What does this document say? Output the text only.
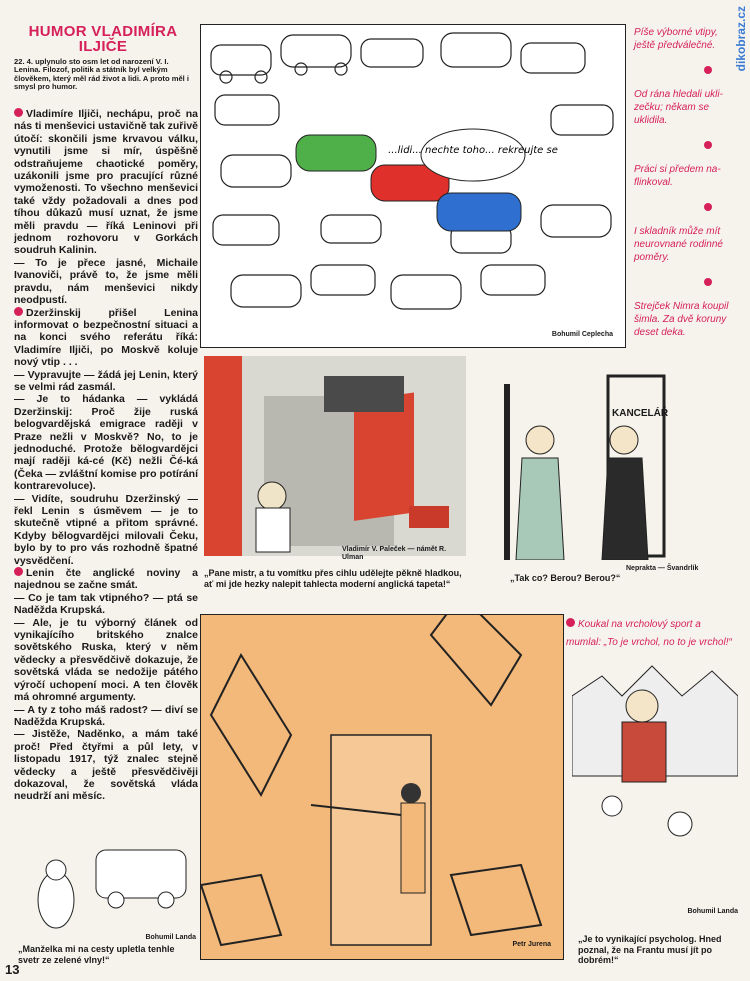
HUMOR VLADIMÍRA
ILJIČE

22. 4. uplynulo sto osm let od narození V. I. Lenina. Filozof, politik a státník byl velkým člověkem, který měl rád život a lidi. A proto měl i smysl pro humor.

Vladimíre Iljiči, nechápu, proč na nás ti menševici ustavičně tak zuřivě útočí: skončili jsme krvavou válku, vynutili jsme si mír, úspěšně odstraňujeme chaotické poměry, uzákonili jsme pro pracující různé vymoženosti. To všechno menševici také vždy požadovali a dnes pod tíhou důkazů musí uznat, že jsme měli pravdu — říká Leninovi při jednom rozhovoru v Gorkách soudruh Kalinin.

— To je přece jasné, Michaile Ivanoviči, právě to, že jsme měli pravdu, nám menševici nikdy neodpustí.

Dzeržinskij přišel Lenina informovat o bezpečnostní situaci a na konci svého referátu říká: Vladimíre Iljiči, po Moskvě koluje nový vtip . . .

— Vypravujte — žádá jej Lenin, který se velmi rád zasmál.

— Je to hádanka — vykládá Dzeržinskij: Proč žije ruská belogvardějská emigrace raději v Praze nežli v Moskvě? No, to je jednoduché. Protože bělogvardějci mají raději ká-cé (Kč) nežli Čé-ká (Čeka — zvláštní komise pro potírání kontrarevoluce).

— Vidíte, soudruhu Dzeržinský — řekl Lenin s úsměvem — je to skutečně vtipné a přitom správné. Kdyby bělogvardějci milovali Čeku, bylo by to pro vás rozhodně špatné vysvědčení.

Lenin čte anglické noviny a najednou se začne smát.

— Co je tam tak vtipného? — ptá se Naděžda Krupská.

— Ale, je tu výborný článek od vynikajícího britského znalce sovětského Ruska, který v něm vědecky a přesvědčivě dokazuje, že sovětská vláda se nedožije pátého výročí uchopení moci. A ten člověk má ohromné argumenty.

— A ty z toho máš radost? — diví se Naděžda Krupská.

— Jistěže, Naděnko, a mám také proč! Před čtyřmi a půl lety, v listopadu 1917, týž znalec stejně vědecky a ještě přesvědčivěji dokazoval, že sovětská vláda neudrží ani měsíc.

...lidi... nechte toho... rekreujte se
Bohumil Ceplecha
Vladimír V. Paleček — námět R. Ulman
„Pane mistr, a tu vomítku přes cihlu udělejte pěkně hladkou, ať mi jde hezky nalepit tahlecta moderní anglická tapeta!“
KANCELÁŘ
Neprakta — Švandrlík
„Tak co? Berou? Berou?“
Petr Jurena
Koukal na vrcholový sport a mumlal: „To je vrchol, no to je vrchol!“
Bohumil Landa
„Je to vynikající psycholog. Hned poznal, že na Frantu musí jít po dobrém!“
Bohumil Landa
„Manželka mi na cesty upletla tenhle svetr ze zelené vlny!“

Píše výborné vtipy, ještě předválečné.

Od rána hledali uklizečku; někam se uklidila.

Práci si předem naflinkoval.

I skladník může mít neurovnané rodinné poměry.

Strejček Nimra koupil šimla. Za dvě koruny deset deka.

dikobraz.cz
13
